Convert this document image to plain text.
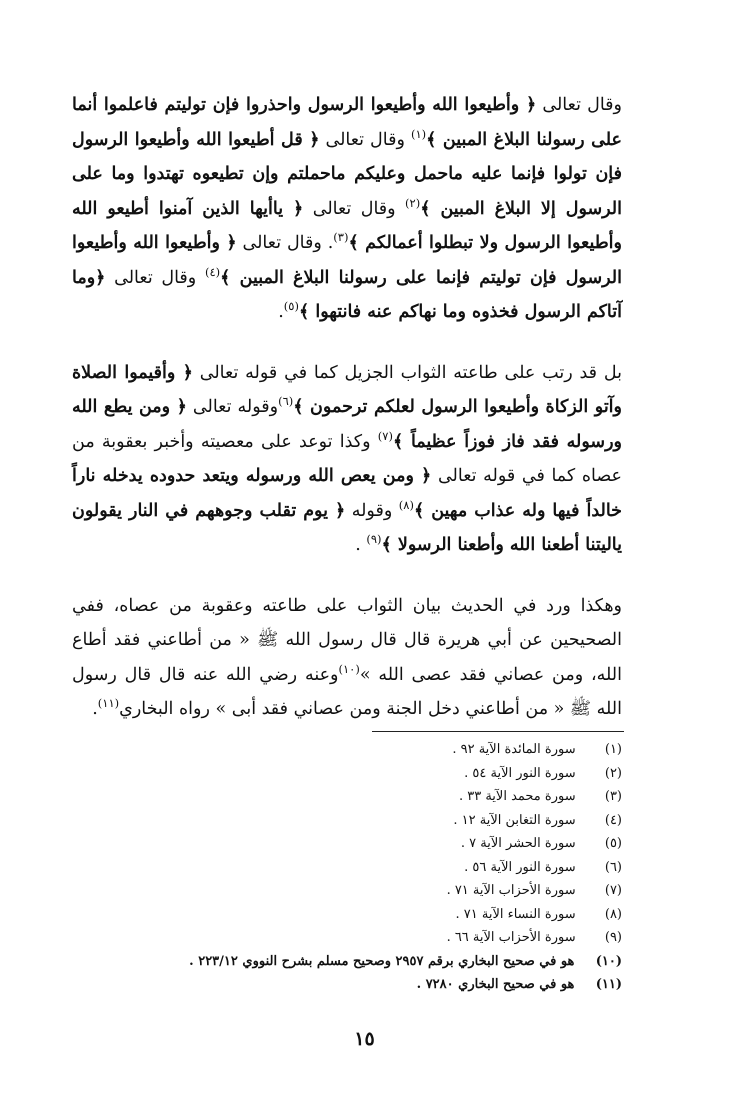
وقال تعالى ﴿ وأطيعوا الله وأطيعوا الرسول واحذروا فإن توليتم فاعلموا أنما على رسولنا البلاغ المبين ﴾$^{(١)}$ وقال تعالى ﴿ قل أطيعوا الله وأطيعوا الرسول فإن تولوا فإنما عليه ماحمل وعليكم ماحملتم وإن تطيعوه تهتدوا وما على الرسول إلا البلاغ المبين ﴾$^{(٢)}$ وقال تعالى ﴿ ياأيها الذين آمنوا أطيعو الله وأطيعوا الرسول ولا تبطلوا أعمالكم ﴾$^{(٣)}$. وقال تعالى ﴿ وأطيعوا الله وأطيعوا الرسول فإن توليتم فإنما على رسولنا البلاغ المبين ﴾$^{(٤)}$ وقال تعالى ﴿وما آتاكم الرسول فخذوه وما نهاكم عنه فانتهوا ﴾$^{(٥)}$.

بل قد رتب على طاعته الثواب الجزيل كما في قوله تعالى ﴿ وأقيموا الصلاة وآتو الزكاة وأطيعوا الرسول لعلكم ترحمون ﴾$^{(٦)}$وقوله تعالى ﴿ ومن يطع الله ورسوله فقد فاز فوزاً عظيماً ﴾$^{(٧)}$ وكذا توعد على معصيته وأخبر بعقوبة من عصاه كما في قوله تعالى ﴿ ومن يعص الله ورسوله ويتعد حدوده يدخله ناراً خالداً فيها وله عذاب مهين ﴾$^{(٨)}$ وقوله ﴿ يوم تقلب وجوههم في النار يقولون ياليتنا أطعنا الله وأطعنا الرسولا ﴾$^{(٩)}$ .

وهكذا ورد في الحديث بيان الثواب على طاعته وعقوبة من عصاه، ففي الصحيحين عن أبي هريرة قال قال رسول الله ﷺ « من أطاعني فقد أطاع الله، ومن عصاني فقد عصى الله »$^{(١٠)}$وعنه رضي الله عنه قال قال رسول الله ﷺ « من أطاعني دخل الجنة ومن عصاني فقد أبى » رواه البخاري$^{(١١)}$.

(١)   سورة المائدة الآية ٩٢ .
(٢)   سورة النور الآية ٥٤ .
(٣)   سورة محمد الآية ٣٣ .
(٤)   سورة التغابن الآية ١٢ .
(٥)   سورة الحشر الآية ٧ .
(٦)   سورة النور الآية ٥٦ .
(٧)   سورة الأحزاب الآية ٧١ .
(٨)   سورة النساء الآية ٧١ .
(٩)   سورة الأحزاب الآية ٦٦ .
(١٠)   هو في صحيح البخاري برقم ٢٩٥٧ وصحيح مسلم بشرح النووي ٢٢٣/١٢ .
(١١)   هو في صحيح البخاري ٧٢٨٠ .
١٥
